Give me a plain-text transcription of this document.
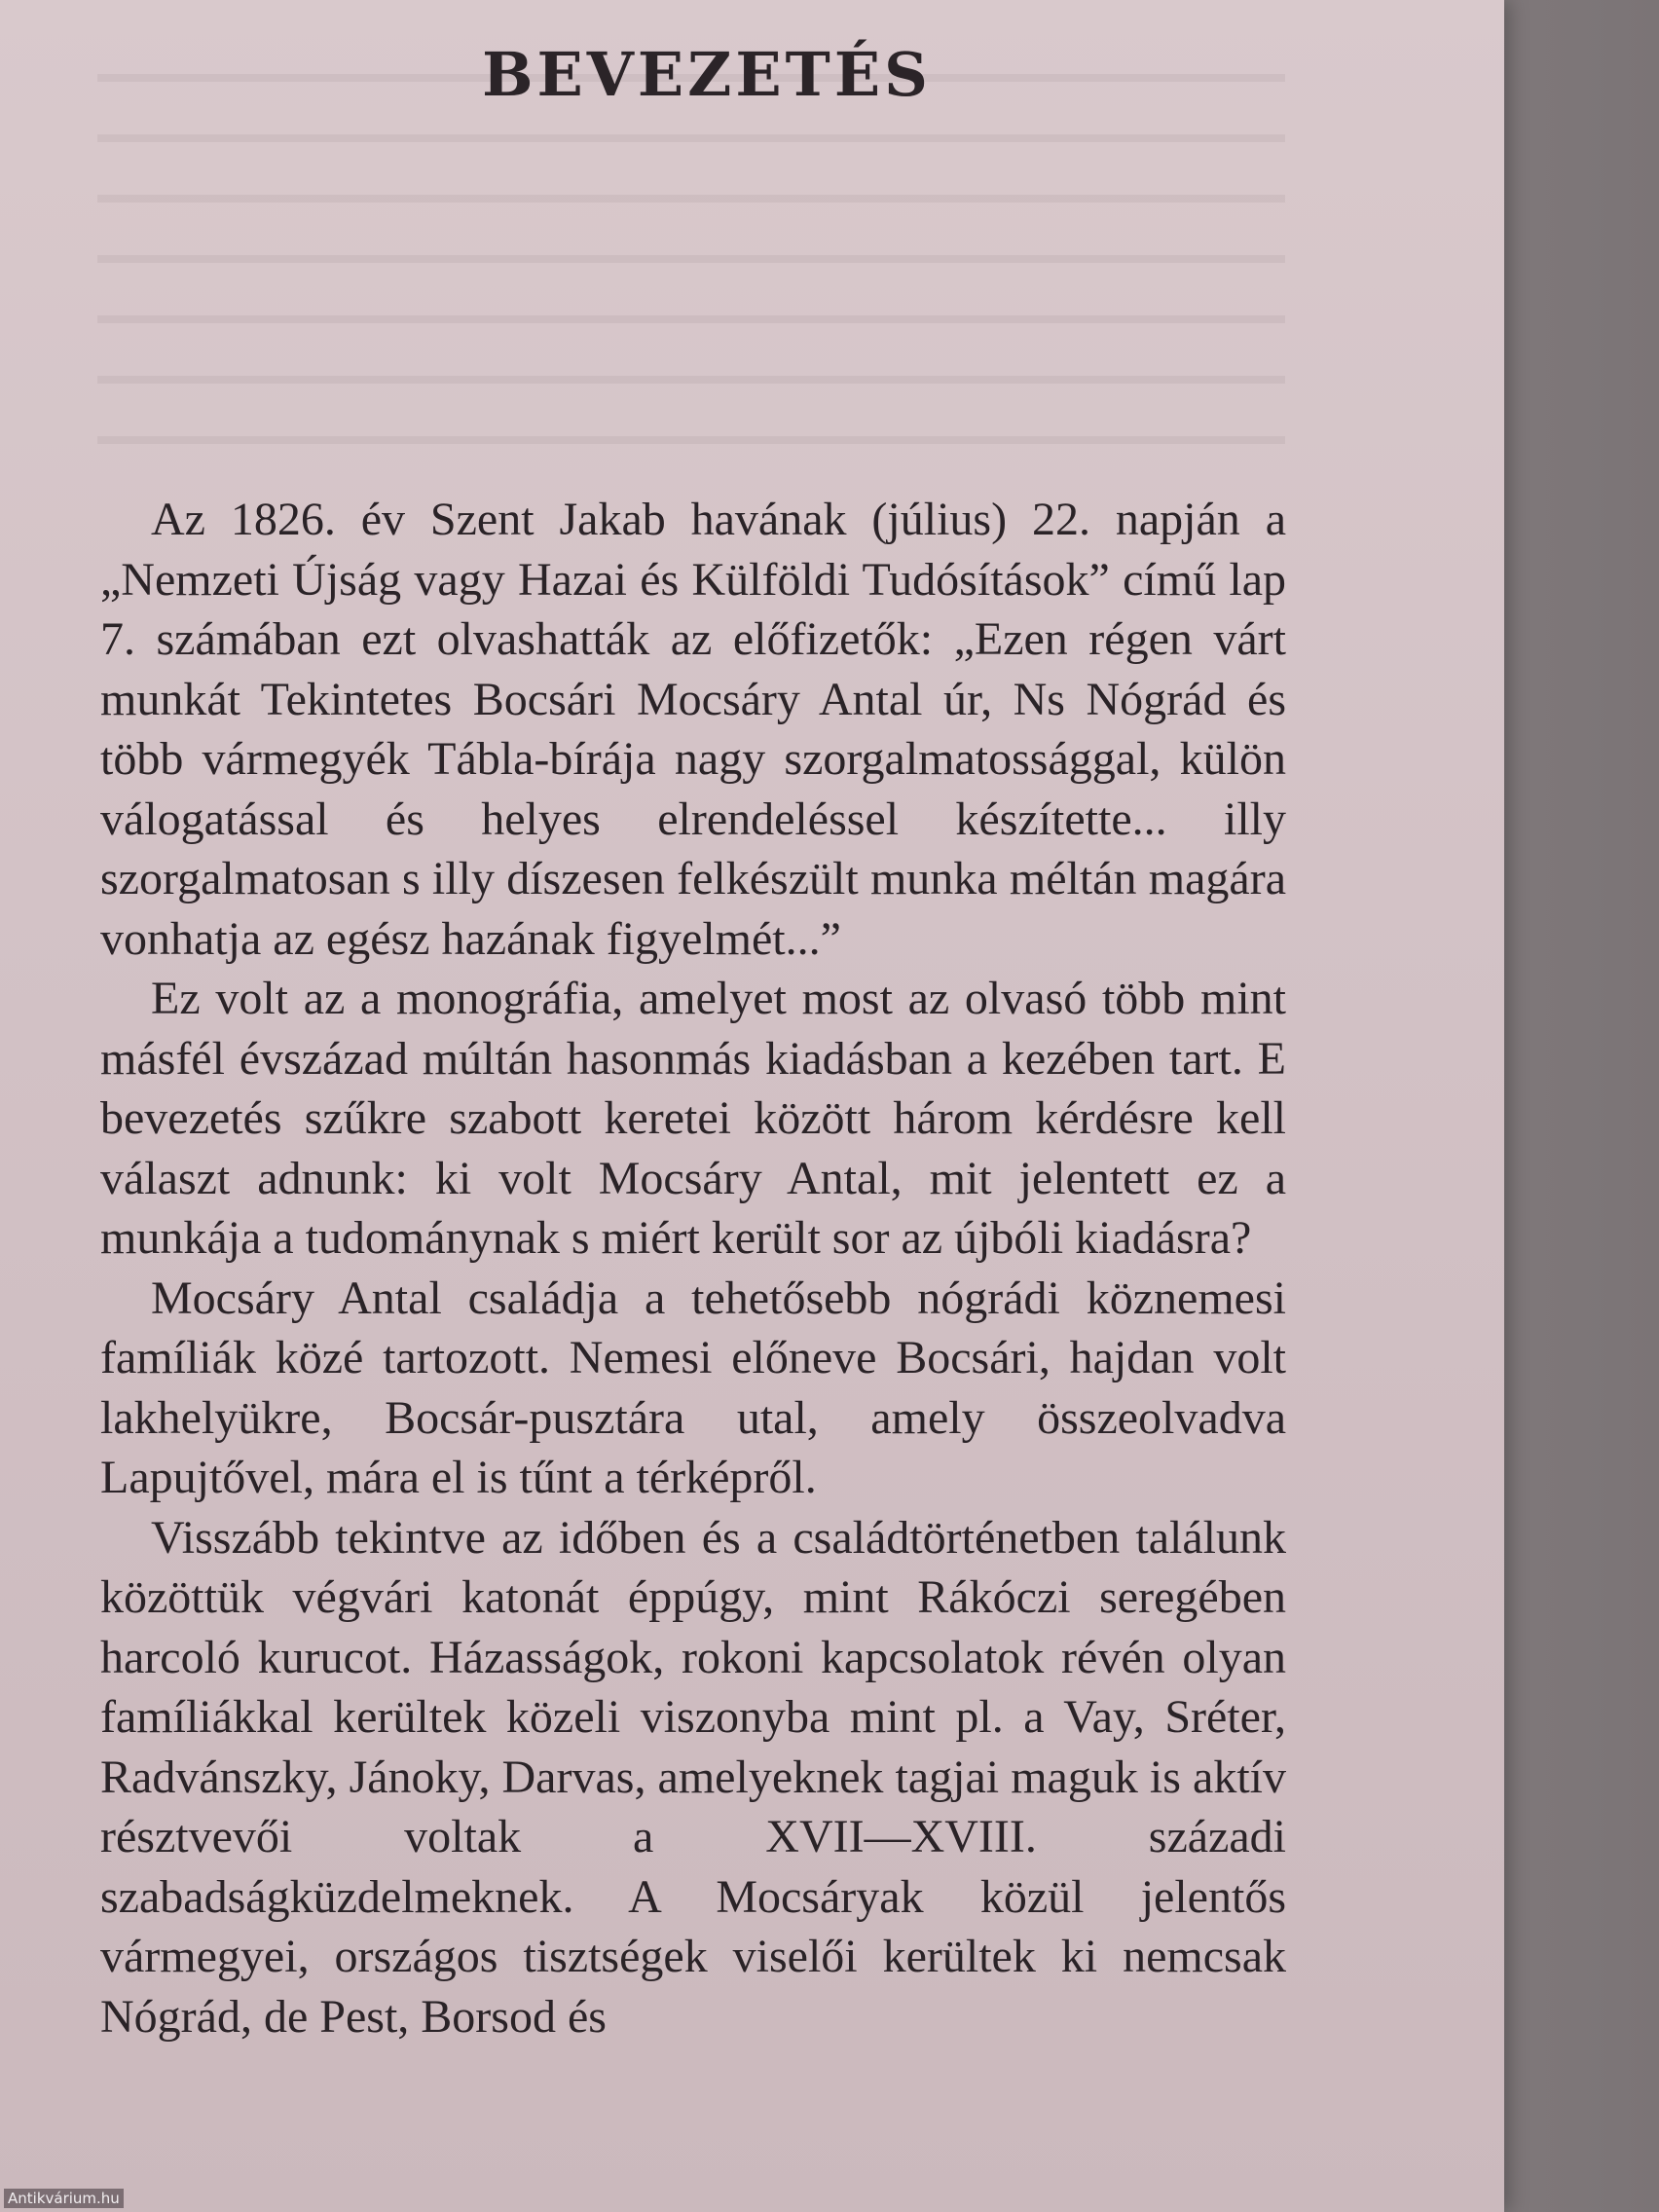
BEVEZETÉS

Az 1826. év Szent Jakab havának (július) 22. napján a „Nemzeti Újság vagy Hazai és Külföldi Tudósítások” című lap 7. számában ezt olvashatták az előfizetők: „Ezen régen várt munkát Tekintetes Bocsári Mocsáry Antal úr, Ns Nógrád és több vármegyék Tábla-bírája nagy szorgalmatossággal, külön válogatással és helyes elrendeléssel készítette... illy szorgalmatosan s illy díszesen felkészült munka méltán magára vonhatja az egész hazának figyelmét...”

Ez volt az a monográfia, amelyet most az olvasó több mint másfél évszázad múltán hasonmás kiadásban a kezében tart. E bevezetés szűkre szabott keretei között három kérdésre kell választ adnunk: ki volt Mocsáry Antal, mit jelentett ez a munkája a tudománynak s miért került sor az újbóli kiadásra?

Mocsáry Antal családja a tehetősebb nógrádi köznemesi famíliák közé tartozott. Nemesi előneve Bocsári, hajdan volt lakhelyükre, Bocsár-pusztára utal, amely összeolvadva Lapujtővel, mára el is tűnt a térképről.

Visszább tekintve az időben és a családtörténetben találunk közöttük végvári katonát éppúgy, mint Rákóczi seregében harcoló kurucot. Házasságok, rokoni kapcsolatok révén olyan famíliákkal kerültek közeli viszonyba mint pl. a Vay, Sréter, Radvánszky, Jánoky, Darvas, amelyeknek tagjai maguk is aktív résztvevői voltak a XVII—XVIII. századi szabadságküzdelmeknek. A Mocsáryak közül jelentős vármegyei, országos tisztségek viselői kerültek ki nemcsak Nógrád, de Pest, Borsod és

Antikvárium.hu
